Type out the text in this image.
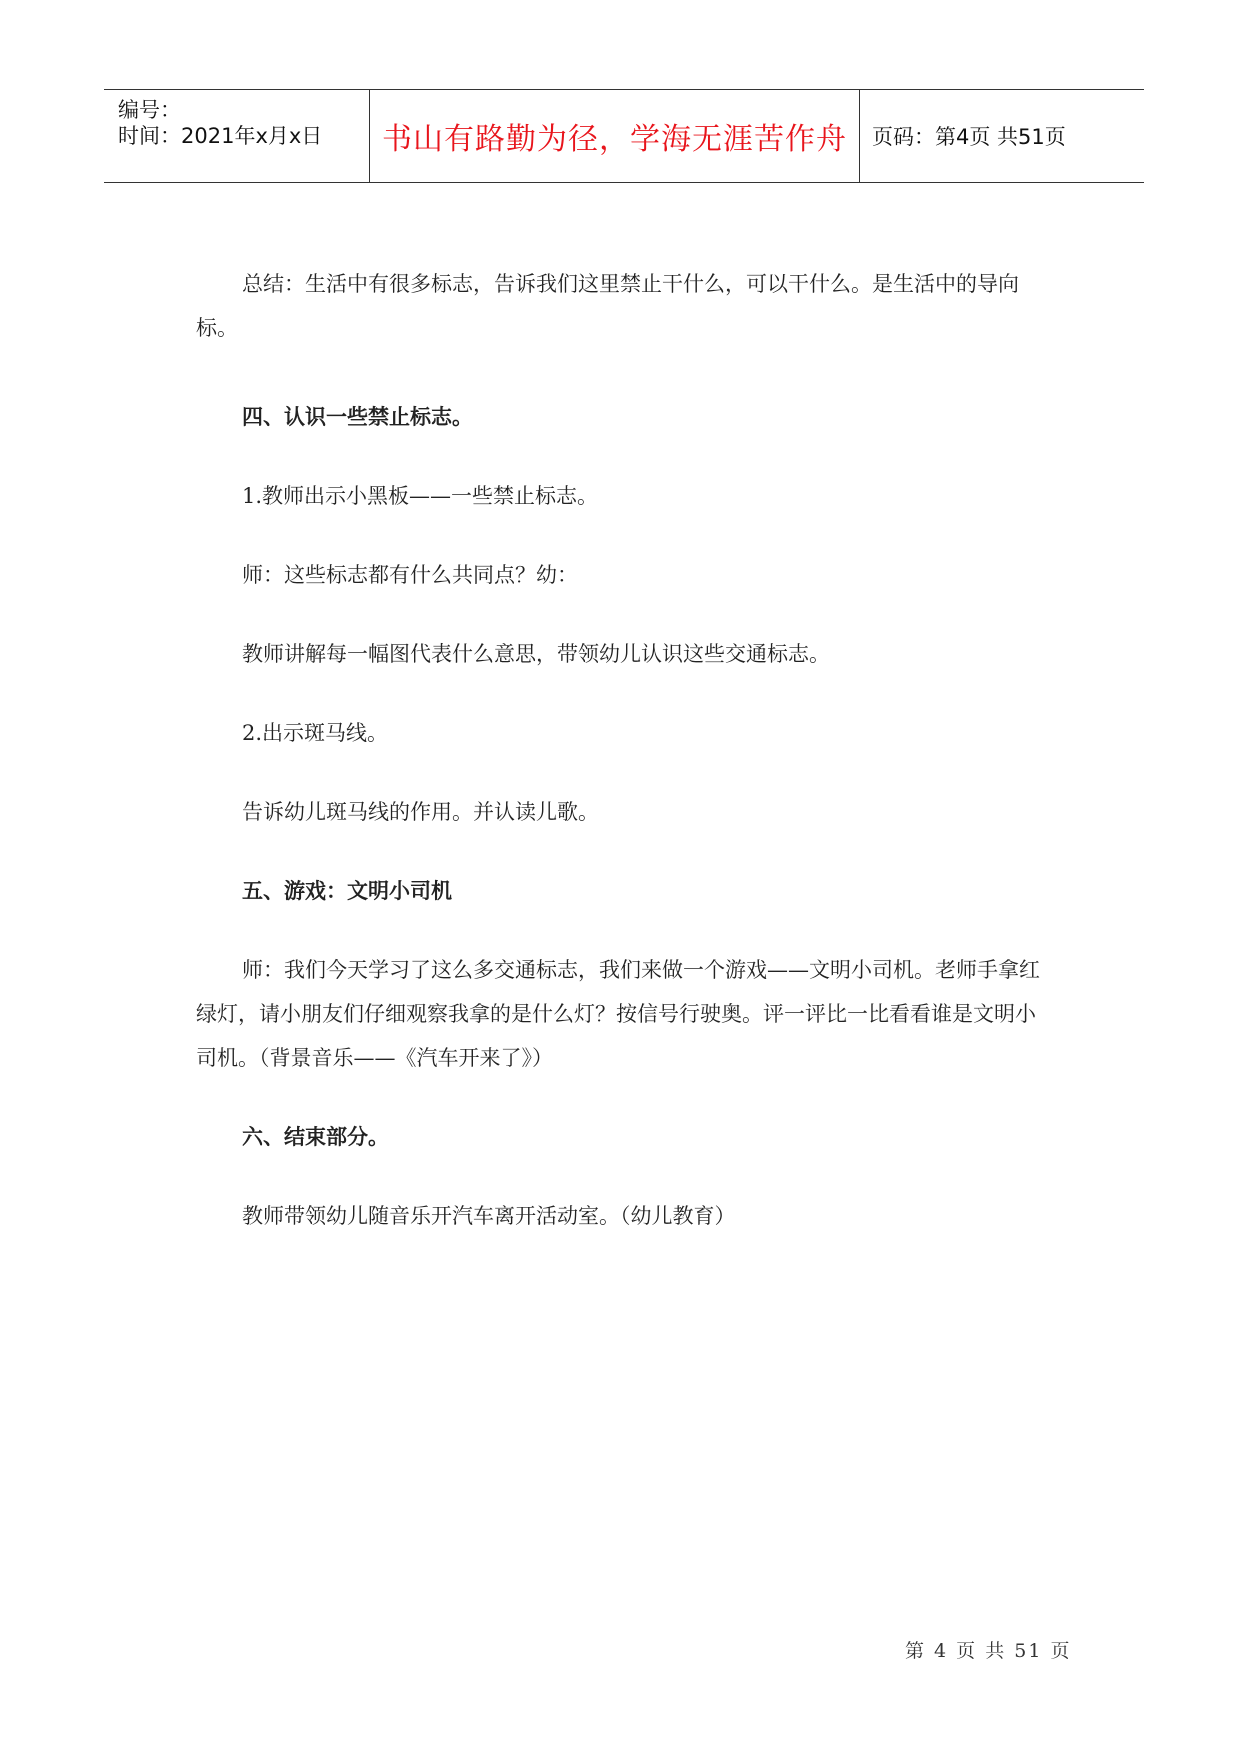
编号：
时间：2021年x月x日 书山有路勤为径，学海无涯苦作舟 页码：第4页 共51页

总结：生活中有很多标志，告诉我们这里禁止干什么，可以干什么。是生活中的导向标。

四、认识一些禁止标志。

1.教师出示小黑板——一些禁止标志。

师：这些标志都有什么共同点？幼：

教师讲解每一幅图代表什么意思，带领幼儿认识这些交通标志。

2.出示斑马线。

告诉幼儿斑马线的作用。并认读儿歌。

五、游戏：文明小司机

师：我们今天学习了这么多交通标志，我们来做一个游戏——文明小司机。老师手拿红绿灯，请小朋友们仔细观察我拿的是什么灯？按信号行驶奥。评一评比一比看看谁是文明小司机。（背景音乐——《汽车开来了》）

六、结束部分。

教师带领幼儿随音乐开汽车离开活动室。（幼儿教育）

第 4 页 共 51 页
